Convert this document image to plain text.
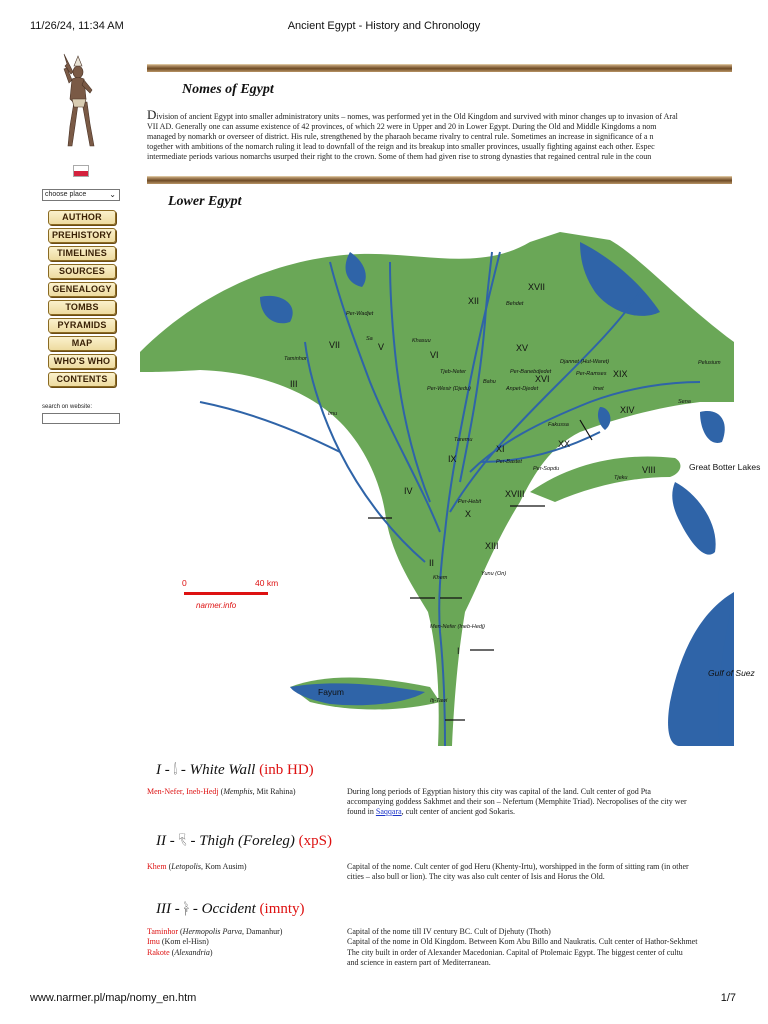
11/26/24, 11:34 AM	Ancient Egypt - History and Chronology
choose place	⌄
AUTHOR
PREHISTORY
TIMELINES
SOURCES
GENEALOGY
TOMBS
PYRAMIDS
MAP
WHO'S WHO
CONTENTS
search on website:
Nomes of Egypt
Division of ancient Egypt into smaller administratory units – nomes, was performed yet in the Old Kingdom and survived with minor changes up to invasion of Aral
VII AD. Generally one can assume existence of 42 provinces, of which 22 were in Upper and 20 in Lower Egypt. During the Old and Middle Kingdoms a nom
managed by nomarkh or overseer of district. His rule, strengthened by the pharaoh became rivalry to central rule. Sometimes an increase in significance of a n
together with ambitions of the nomarch ruling it lead to downfall of the reign and its breakup into smaller provinces, usually fighting against each other. Espec
intermediate periods various nomarchs usurped their right to the crown. Some of them had given rise to strong dynasties that regained central rule in the coun
Lower Egypt
XII
XVII
VII	V
VI
III
XV
XVI	XIX
XIV
XI
IX
XX
VIII
IV	XVIII
X
XIII
II
I
Per-Wadjet
Sa	Khasuu
Taminhor
Tjeb-Neter
Per-Wesir (Djedu)
Behdet
Per-Banebdjedet
Bahu
Anpet-Djedet
Per-Ramses
Djannet (Hut-Waret)
Imet
Pelusium
Sena
Imu
Taremu
Fakussa
Per-Bastet
Per-Sopdu
Tjeku
Per-Hebit
Khem
Yunu (On)
Men-Nefer (Ineb-Hedj)
Itj-Tawi
Great Botter Lakes
Fayum
Gulf of Suez
0	40 km
narmer.info
I - 𓌃 - White Wall (inb HD)
Men-Nefer, Ineb-Hedj (Memphis, Mit Rahina)	During long periods of Egyptian history this city was capital of the land. Cult center of god Pta
accompanying goddess Sakhmet and their son – Nefertum (Memphite Triad). Necropolises of the city wer
found in Saqqara, cult center of ancient god Sokaris.
II - 𓄛 - Thigh (Foreleg) (xpS)
Khem (Letopolis, Kom Ausim)	Capital of the nome. Cult center of god Heru (Khenty-Irtu), worshipped in the form of sitting ram (in other
cities – also bull or lion). The city was also cult center of Isis and Horus the Old.
III - 𓋀 - Occident (imnty)
Taminhor (Hermopolis Parva, Damanhur)	Capital of the nome till IV century BC. Cult of Djehuty (Thoth)
Imu (Kom el-Hisn)	Capital of the nome in Old Kingdom. Between Kom Abu Billo and Naukratis. Cult center of Hathor-Sekhmet
Rakote (Alexandria)	The city built in order of Alexander Macedonian. Capital of Ptolemaic Egypt. The biggest center of cultu
and science in eastern part of Mediterranean.
www.narmer.pl/map/nomy_en.htm	1/7
